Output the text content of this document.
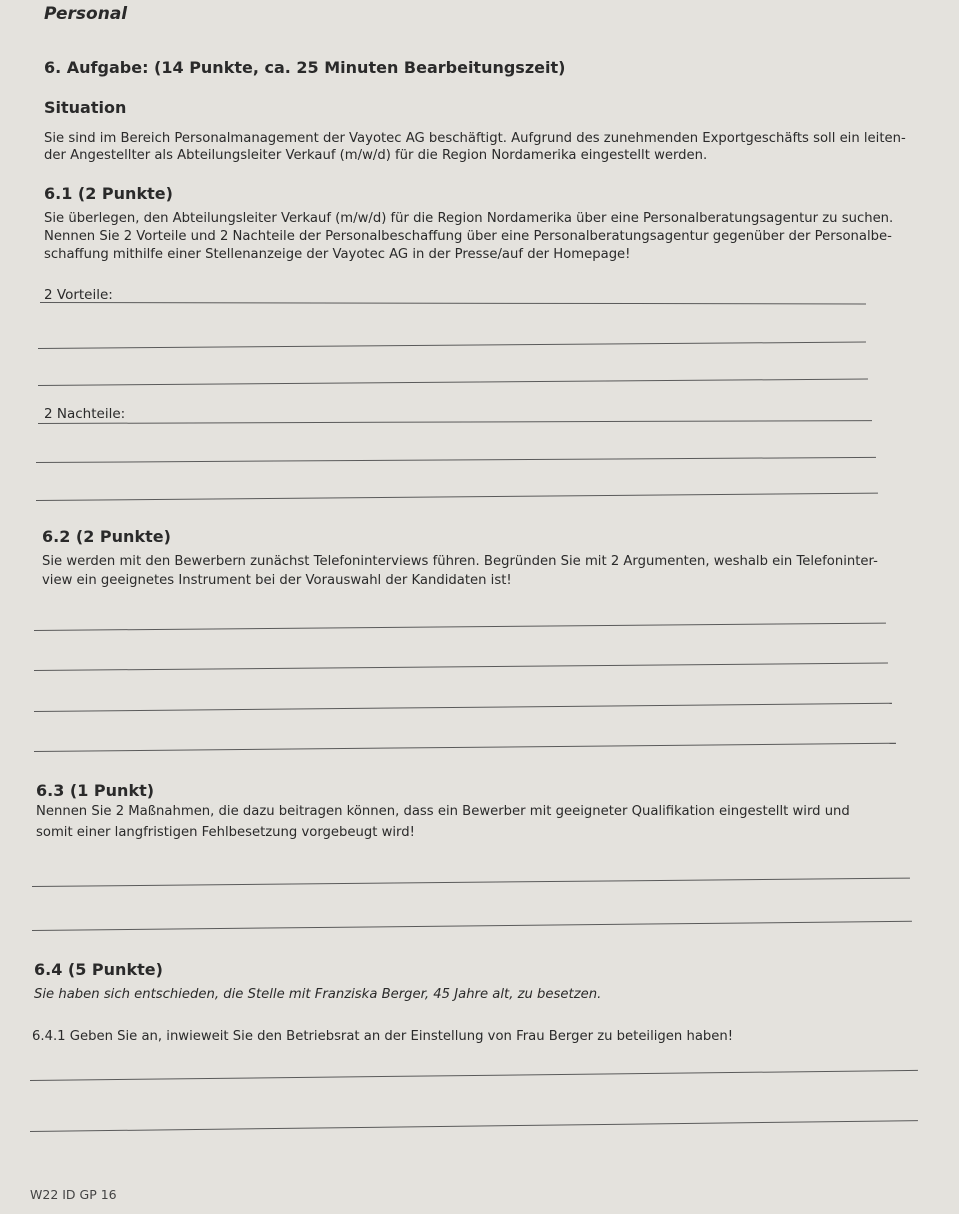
Personal

6. Aufgabe: (14 Punkte, ca. 25 Minuten Bearbeitungszeit)

Situation

Sie sind im Bereich Personalmanagement der Vayotec AG beschäftigt. Aufgrund des zunehmenden Exportgeschäfts soll ein leiten-

der Angestellter als Abteilungsleiter Verkauf (m/w/d) für die Region Nordamerika eingestellt werden.

6.1 (2 Punkte)

Sie überlegen, den Abteilungsleiter Verkauf (m/w/d) für die Region Nordamerika über eine Personalberatungsagentur zu suchen.

Nennen Sie 2 Vorteile und 2 Nachteile der Personalbeschaffung über eine Personalberatungsagentur gegenüber der Personalbe-

schaffung mithilfe einer Stellenanzeige der Vayotec AG in der Presse/auf der Homepage!

2 Vorteile:

2 Nachteile:

6.2 (2 Punkte)

Sie werden mit den Bewerbern zunächst Telefoninterviews führen. Begründen Sie mit 2 Argumenten, weshalb ein Telefoninter-

view ein geeignetes Instrument bei der Vorauswahl der Kandidaten ist!

6.3 (1 Punkt)

Nennen Sie 2 Maßnahmen, die dazu beitragen können, dass ein Bewerber mit geeigneter Qualifikation eingestellt wird und

somit einer langfristigen Fehlbesetzung vorgebeugt wird!

6.4 (5 Punkte)

Sie haben sich entschieden, die Stelle mit Franziska Berger, 45 Jahre alt, zu besetzen.

6.4.1 Geben Sie an, inwieweit Sie den Betriebsrat an der Einstellung von Frau Berger zu beteiligen haben!

W22 ID GP 16
